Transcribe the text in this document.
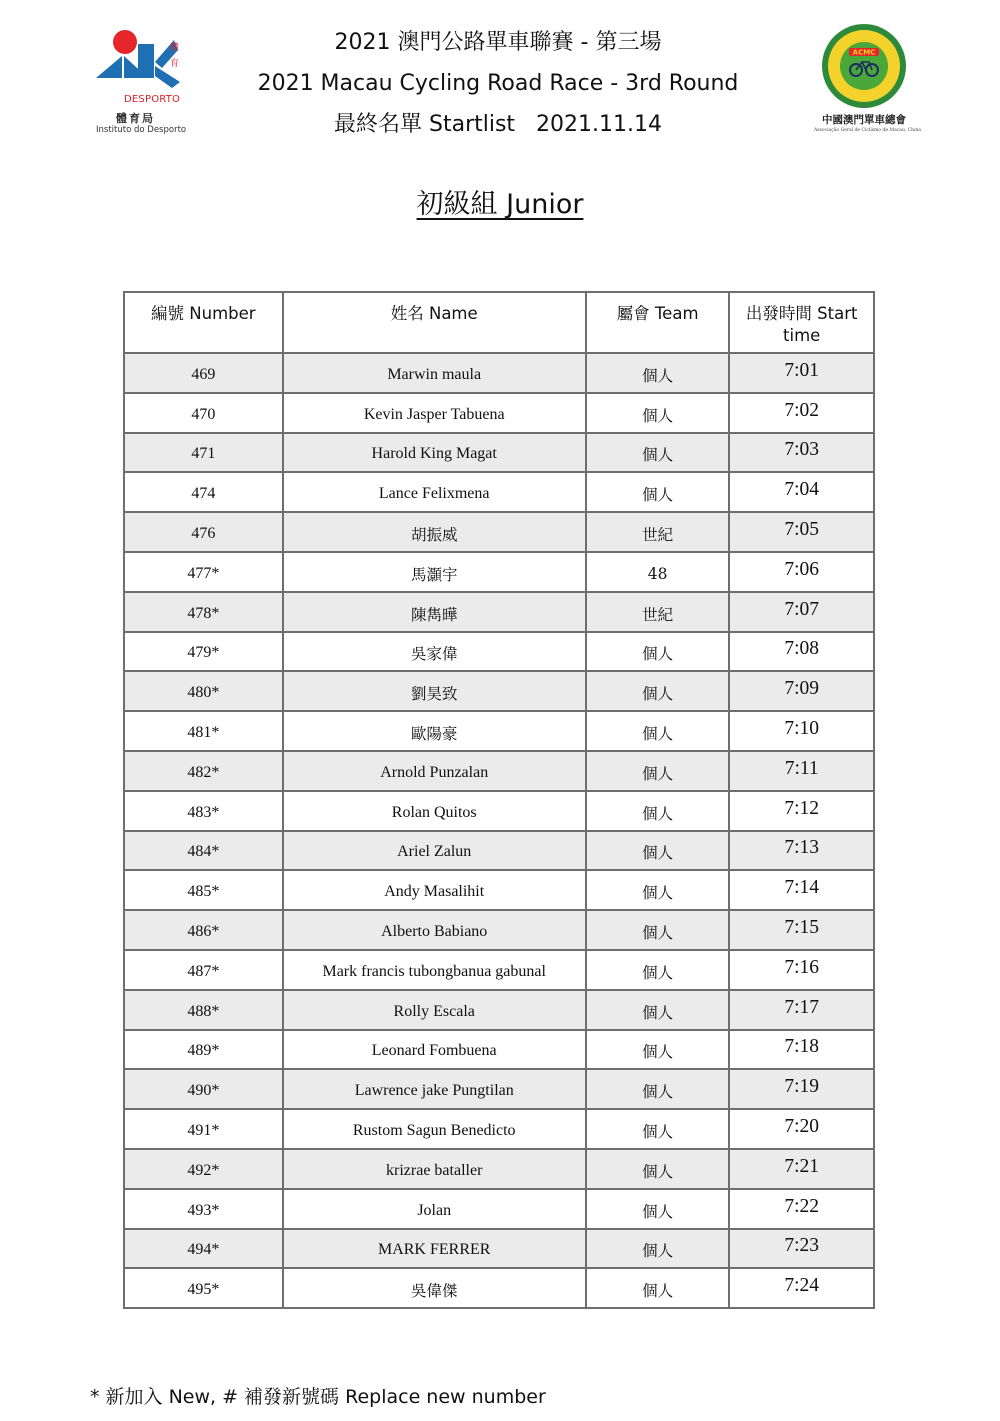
體
育
DESPORTO
體育局
Instituto do Desporto
2021 澳門公路單車聯賽 - 第三場
2021 Macau Cycling Road Race - 3rd Round
最終名單 Startlist   2021.11.14
ACMC
中國澳門單車總會
Associação Geral de Ciclismo de Macau, China
初級組 Junior
編號 Number	姓名 Name	屬會 Team	出發時間 Start
time
469	Marwin maula	個人	7:01
470	Kevin Jasper Tabuena	個人	7:02
471	Harold King Magat	個人	7:03
474	Lance Felixmena	個人	7:04
476	胡振威	世紀	7:05
477*	馬灝宇	48	7:06
478*	陳雋曄	世紀	7:07
479*	吳家偉	個人	7:08
480*	劉昊致	個人	7:09
481*	歐陽豪	個人	7:10
482*	Arnold Punzalan	個人	7:11
483*	Rolan Quitos	個人	7:12
484*	Ariel Zalun	個人	7:13
485*	Andy Masalihit	個人	7:14
486*	Alberto Babiano	個人	7:15
487*	Mark francis tubongbanua gabunal	個人	7:16
488*	Rolly Escala	個人	7:17
489*	Leonard Fombuena	個人	7:18
490*	Lawrence jake Pungtilan	個人	7:19
491*	Rustom Sagun Benedicto	個人	7:20
492*	krizrae bataller	個人	7:21
493*	Jolan	個人	7:22
494*	MARK FERRER	個人	7:23
495*	吳偉傑	個人	7:24
* 新加入 New, # 補發新號碼 Replace new number
